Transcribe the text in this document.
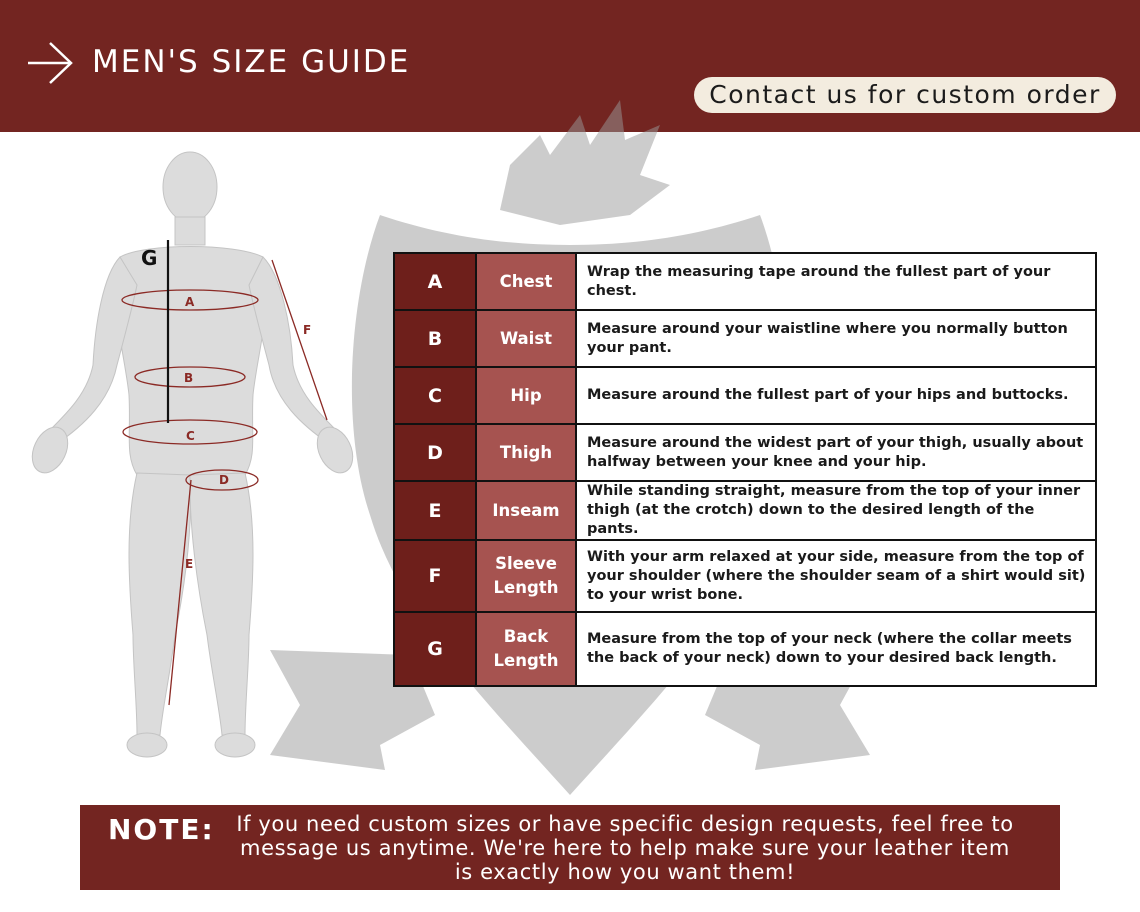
MEN'S SIZE GUIDE
Contact us for custom order
A
B
C
D
E
F
G
A	Chest	Wrap the measuring tape around the fullest part of your chest.
B	Waist	Measure around your waistline where you normally button your pant.
C	Hip	Measure around the fullest part of your hips and buttocks.
D	Thigh	Measure around the widest part of your thigh, usually about halfway between your knee and your hip.
E	Inseam	While standing straight, measure from the top of your inner thigh (at the crotch) down to the desired length of the pants.
F	Sleeve Length	With your arm relaxed at your side, measure from the top of your shoulder (where the shoulder seam of a shirt would sit) to your wrist bone.
G	Back Length	Measure from the top of your neck (where the collar meets the back of your neck) down to your desired back length.
NOTE:	If you need custom sizes or have specific design requests, feel free to message us anytime. We're here to help make sure your leather item is exactly how you want them!
